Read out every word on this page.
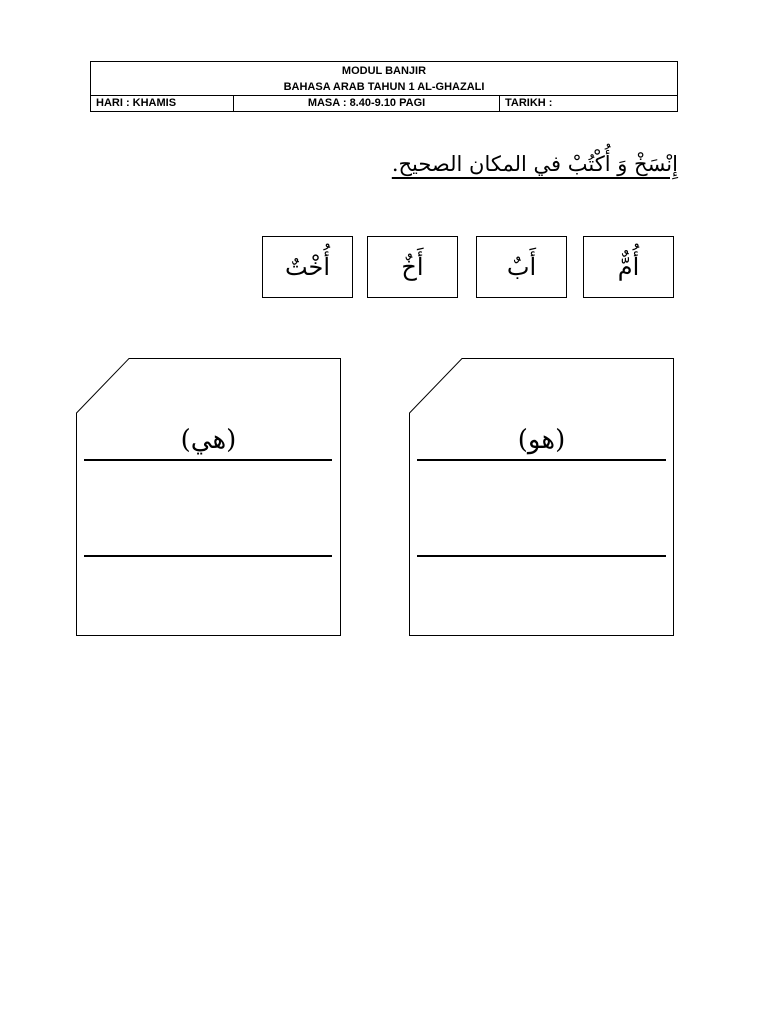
MODUL BANJIR
BAHASA ARAB TAHUN 1 AL-GHAZALI
HARI : KHAMIS	MASA : 8.40-9.10 PAGI	TARIKH :
إِنْسَخْ وَ أُكْتُبْ في المكان الصحيح.
أُمٌّ
أَبٌ
أَخٌ
أُخْتٌ
(هي)	(هو)
